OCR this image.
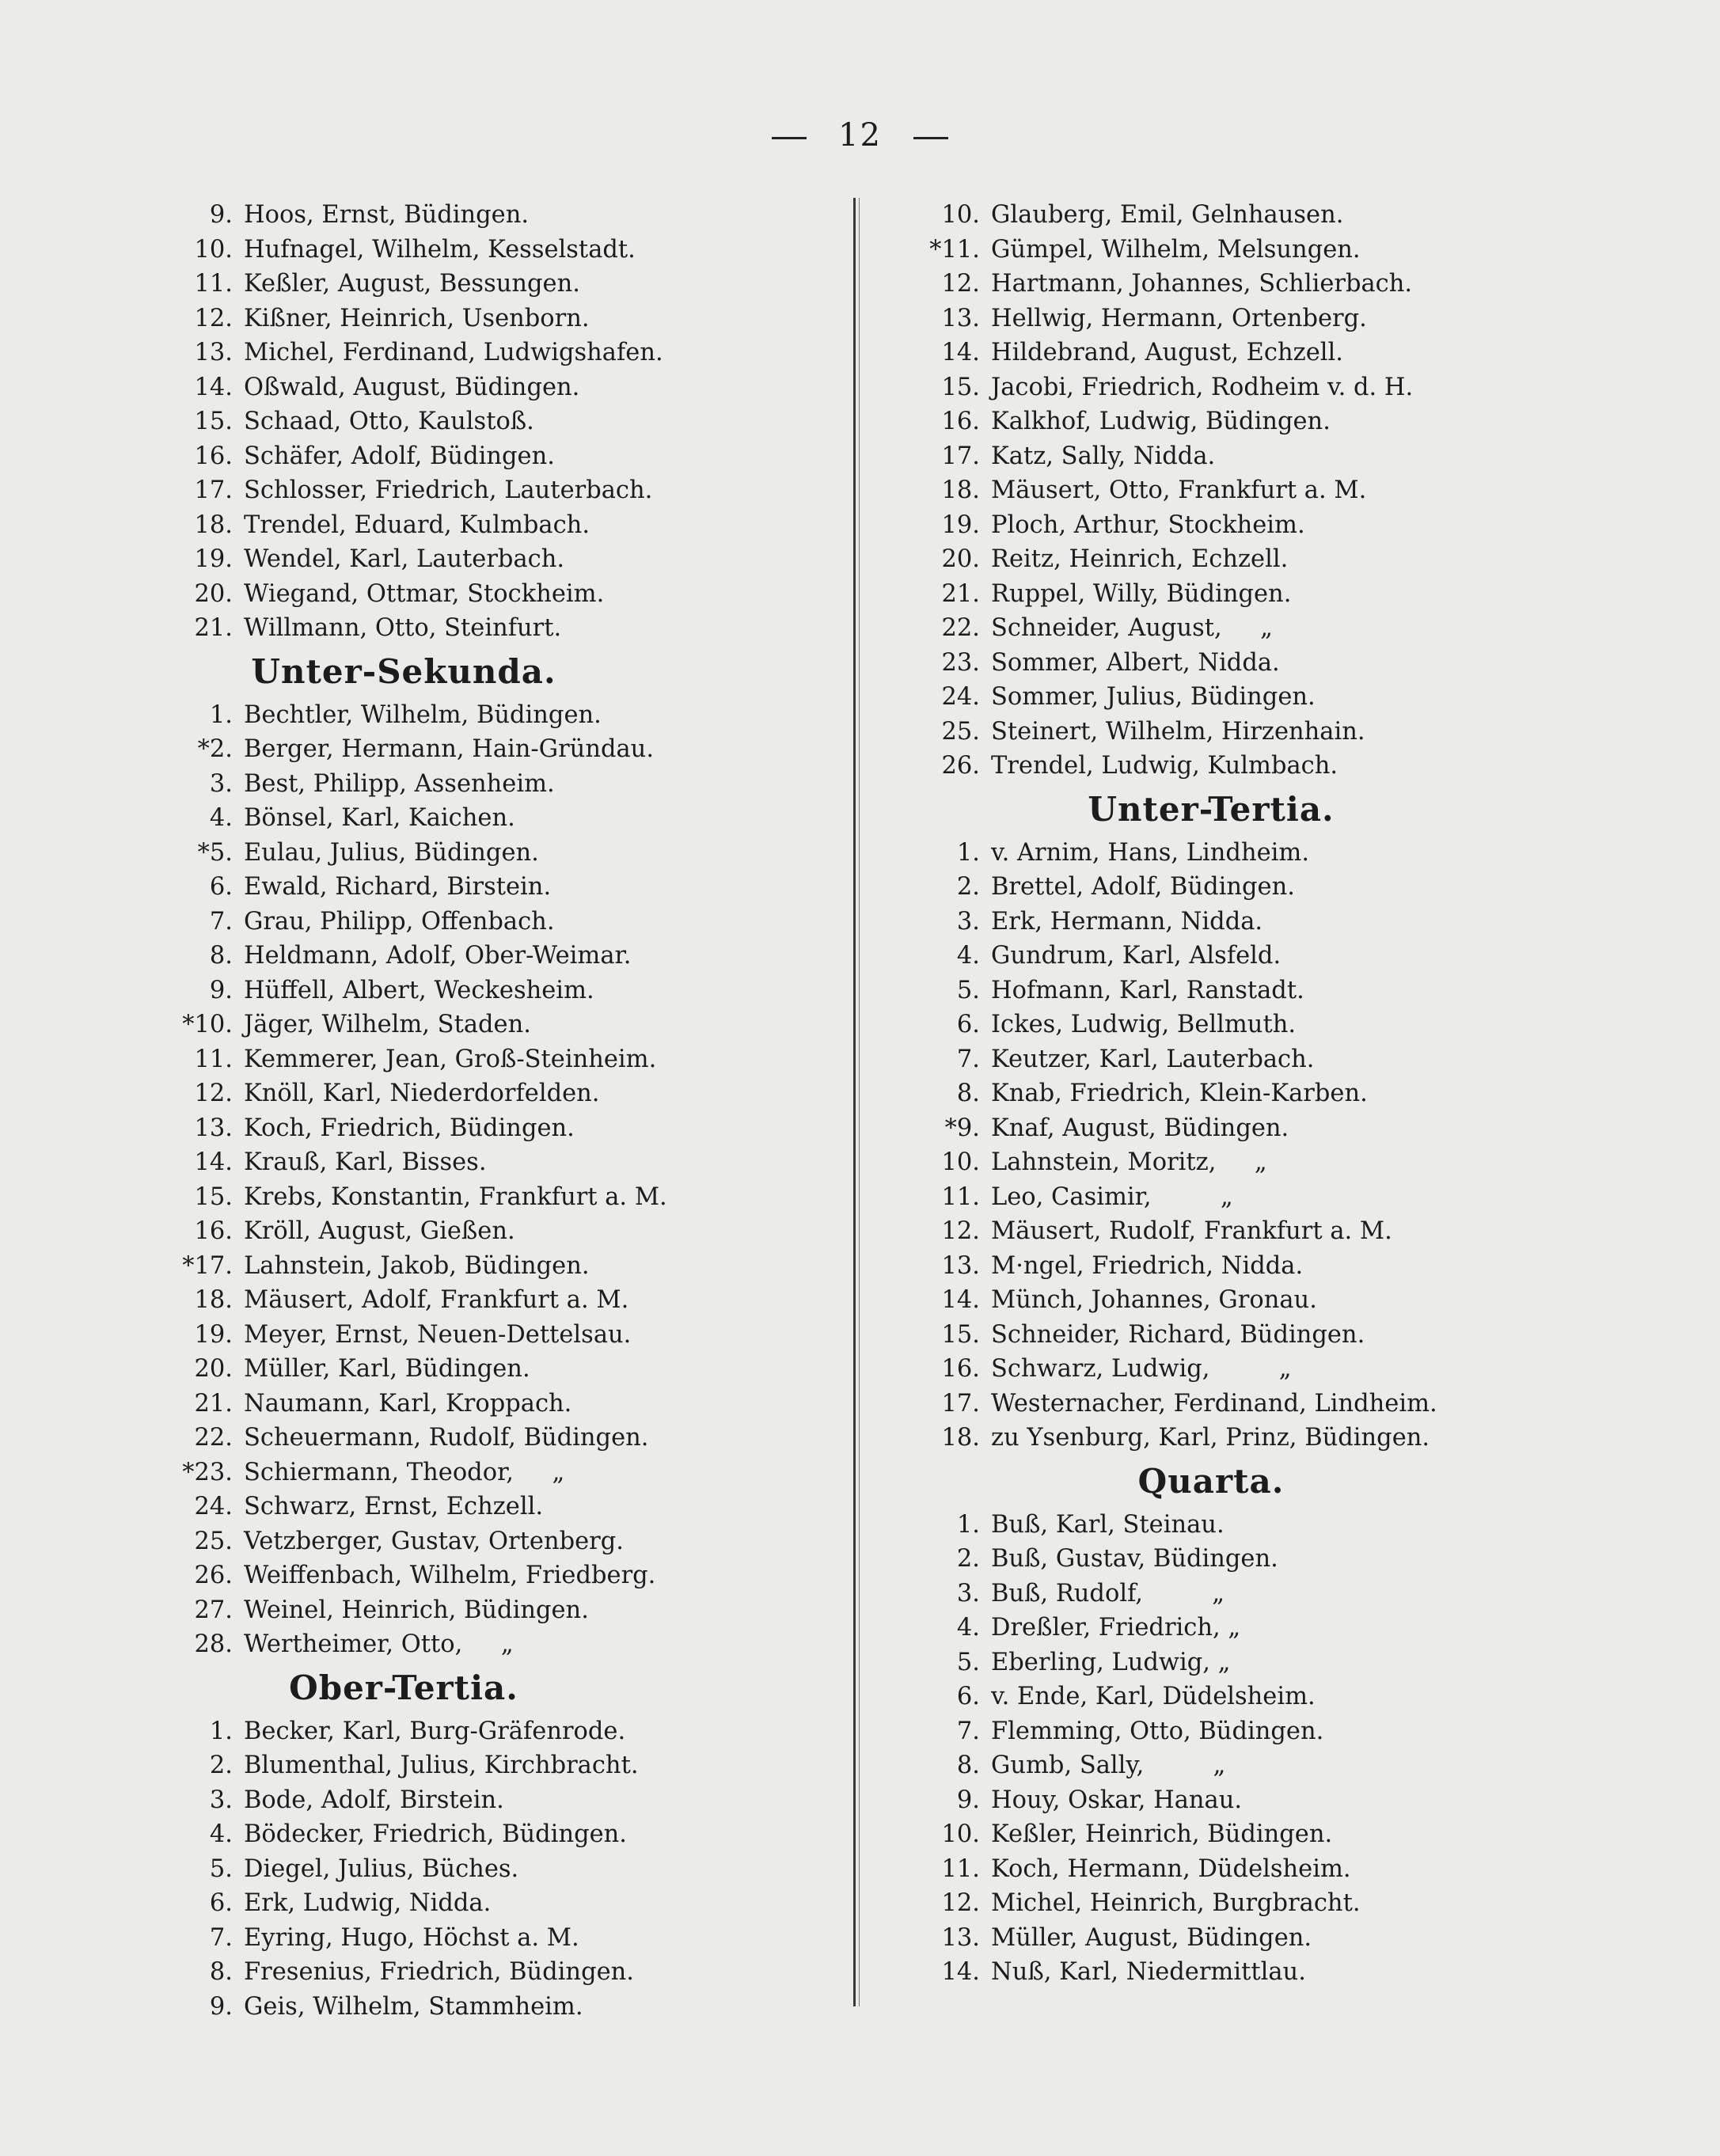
12
9. Hoos, Ernst, Büdingen.
10. Hufnagel, Wilhelm, Kesselstadt.
11. Keßler, August, Bessungen.
12. Kißner, Heinrich, Usenborn.
13. Michel, Ferdinand, Ludwigshafen.
14. Oßwald, August, Büdingen.
15. Schaad, Otto, Kaulstoß.
16. Schäfer, Adolf, Büdingen.
17. Schlosser, Friedrich, Lauterbach.
18. Trendel, Eduard, Kulmbach.
19. Wendel, Karl, Lauterbach.
20. Wiegand, Ottmar, Stockheim.
21. Willmann, Otto, Steinfurt.
Unter-Sekunda.
1. Bechtler, Wilhelm, Büdingen.
*2. Berger, Hermann, Hain-Gründau.
3. Best, Philipp, Assenheim.
4. Bönsel, Karl, Kaichen.
*5. Eulau, Julius, Büdingen.
6. Ewald, Richard, Birstein.
7. Grau, Philipp, Offenbach.
8. Heldmann, Adolf, Ober-Weimar.
9. Hüffell, Albert, Weckesheim.
*10. Jäger, Wilhelm, Staden.
11. Kemmerer, Jean, Groß-Steinheim.
12. Knöll, Karl, Niederdorfelden.
13. Koch, Friedrich, Büdingen.
14. Krauß, Karl, Bisses.
15. Krebs, Konstantin, Frankfurt a. M.
16. Kröll, August, Gießen.
*17. Lahnstein, Jakob, Büdingen.
18. Mäusert, Adolf, Frankfurt a. M.
19. Meyer, Ernst, Neuen-Dettelsau.
20. Müller, Karl, Büdingen.
21. Naumann, Karl, Kroppach.
22. Scheuermann, Rudolf, Büdingen.
*23. Schiermann, Theodor,     „
24. Schwarz, Ernst, Echzell.
25. Vetzberger, Gustav, Ortenberg.
26. Weiffenbach, Wilhelm, Friedberg.
27. Weinel, Heinrich, Büdingen.
28. Wertheimer, Otto,     „
Ober-Tertia.
1. Becker, Karl, Burg-Gräfenrode.
2. Blumenthal, Julius, Kirchbracht.
3. Bode, Adolf, Birstein.
4. Bödecker, Friedrich, Büdingen.
5. Diegel, Julius, Büches.
6. Erk, Ludwig, Nidda.
7. Eyring, Hugo, Höchst a. M.
8. Fresenius, Friedrich, Büdingen.
9. Geis, Wilhelm, Stammheim.
10. Glauberg, Emil, Gelnhausen.
*11. Gümpel, Wilhelm, Melsungen.
12. Hartmann, Johannes, Schlierbach.
13. Hellwig, Hermann, Ortenberg.
14. Hildebrand, August, Echzell.
15. Jacobi, Friedrich, Rodheim v. d. H.
16. Kalkhof, Ludwig, Büdingen.
17. Katz, Sally, Nidda.
18. Mäusert, Otto, Frankfurt a. M.
19. Ploch, Arthur, Stockheim.
20. Reitz, Heinrich, Echzell.
21. Ruppel, Willy, Büdingen.
22. Schneider, August,     „
23. Sommer, Albert, Nidda.
24. Sommer, Julius, Büdingen.
25. Steinert, Wilhelm, Hirzenhain.
26. Trendel, Ludwig, Kulmbach.
Unter-Tertia.
1. v. Arnim, Hans, Lindheim.
2. Brettel, Adolf, Büdingen.
3. Erk, Hermann, Nidda.
4. Gundrum, Karl, Alsfeld.
5. Hofmann, Karl, Ranstadt.
6. Ickes, Ludwig, Bellmuth.
7. Keutzer, Karl, Lauterbach.
8. Knab, Friedrich, Klein-Karben.
*9. Knaf, August, Büdingen.
10. Lahnstein, Moritz,     „
11. Leo, Casimir,         „
12. Mäusert, Rudolf, Frankfurt a. M.
13. M·ngel, Friedrich, Nidda.
14. Münch, Johannes, Gronau.
15. Schneider, Richard, Büdingen.
16. Schwarz, Ludwig,         „
17. Westernacher, Ferdinand, Lindheim.
18. zu Ysenburg, Karl, Prinz, Büdingen.
Quarta.
1. Buß, Karl, Steinau.
2. Buß, Gustav, Büdingen.
3. Buß, Rudolf,         „
4. Dreßler, Friedrich, „
5. Eberling, Ludwig, „
6. v. Ende, Karl, Düdelsheim.
7. Flemming, Otto, Büdingen.
8. Gumb, Sally,         „
9. Houy, Oskar, Hanau.
10. Keßler, Heinrich, Büdingen.
11. Koch, Hermann, Düdelsheim.
12. Michel, Heinrich, Burgbracht.
13. Müller, August, Büdingen.
14. Nuß, Karl, Niedermittlau.
